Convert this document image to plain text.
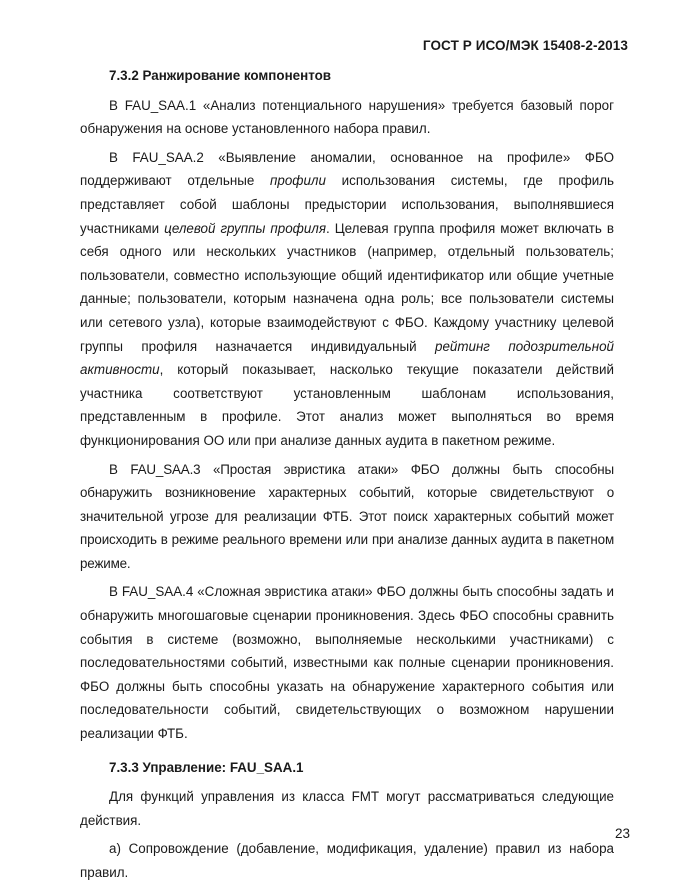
ГОСТ Р ИСО/МЭК 15408-2-2013
7.3.2 Ранжирование компонентов

В FAU_SAA.1 «Анализ потенциального нарушения» требуется базовый порог обнаружения на основе установленного набора правил.

В FAU_SAA.2 «Выявление аномалии, основанное на профиле» ФБО поддерживают отдельные профили использования системы, где профиль представляет собой шаблоны предыстории использования, выполнявшиеся участниками целевой группы профиля. Целевая группа профиля может включать в себя одного или нескольких участников (например, отдельный пользователь; пользователи, совместно использующие общий идентификатор или общие учетные данные; пользователи, которым назначена одна роль; все пользователи системы или сетевого узла), которые взаимодействуют с ФБО. Каждому участнику целевой группы профиля назначается индивидуальный рейтинг подозрительной активности, который показывает, насколько текущие показатели действий участника соответствуют установленным шаблонам использования, представленным в профиле. Этот анализ может выполняться во время функционирования ОО или при анализе данных аудита в пакетном режиме.

В FAU_SAA.3 «Простая эвристика атаки» ФБО должны быть способны обнаружить возникновение характерных событий, которые свидетельствуют о значительной угрозе для реализации ФТБ. Этот поиск характерных событий может происходить в режиме реального времени или при анализе данных аудита в пакетном режиме.

В FAU_SAA.4 «Сложная эвристика атаки» ФБО должны быть способны задать и обнаружить многошаговые сценарии проникновения. Здесь ФБО способны сравнить события в системе (возможно, выполняемые несколькими участниками) с последовательностями событий, известными как полные сценарии проникновения. ФБО должны быть способны указать на обнаружение характерного события или последовательности событий, свидетельствующих о возможном нарушении реализации ФТБ.

7.3.3 Управление: FAU_SAA.1

Для функций управления из класса FMT могут рассматриваться следующие действия.

а) Сопровождение (добавление, модификация, удаление) правил из набора правил.

23
